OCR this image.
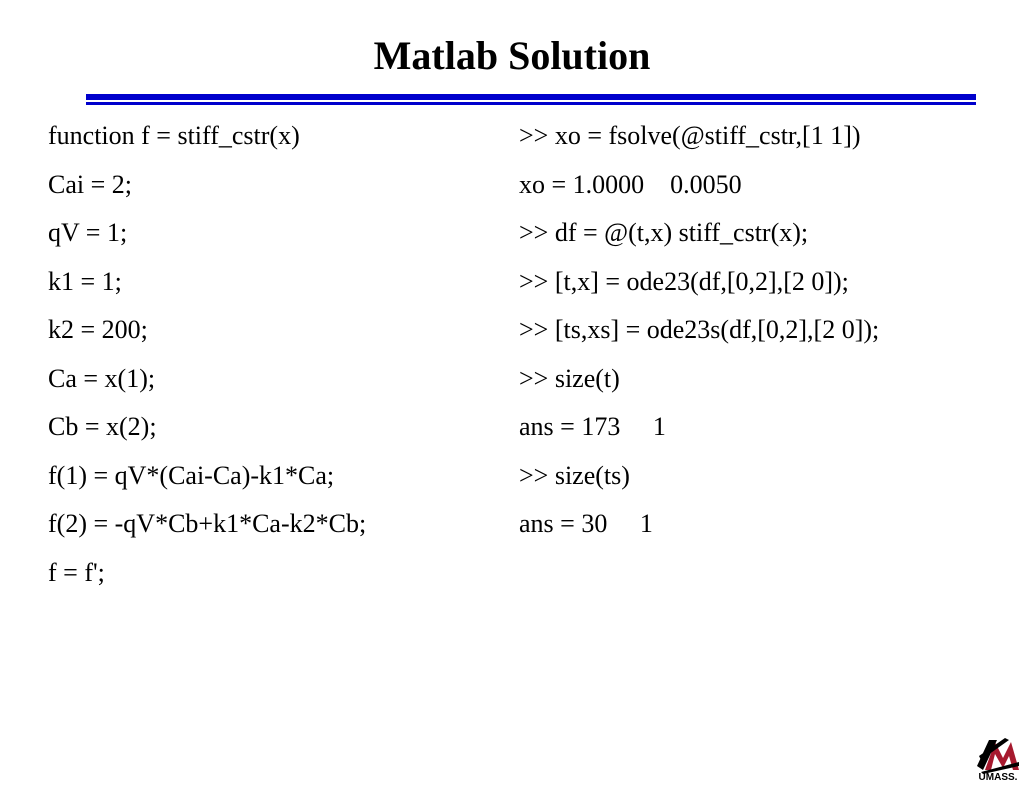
Matlab Solution
function f = stiff_cstr(x)
Cai = 2;
qV = 1;
k1 = 1;
k2 = 200;
Ca = x(1);
Cb = x(2);
f(1) = qV*(Cai-Ca)-k1*Ca;
f(2) = -qV*Cb+k1*Ca-k2*Cb;
f = f';
>> xo = fsolve(@stiff_cstr,[1 1])
xo = 1.0000    0.0050
>> df = @(t,x) stiff_cstr(x);
>> [t,x] = ode23(df,[0,2],[2 0]);
>> [ts,xs] = ode23s(df,[0,2],[2 0]);
>> size(t)
ans = 173     1
>> size(ts)
ans = 30     1
UMASS.
